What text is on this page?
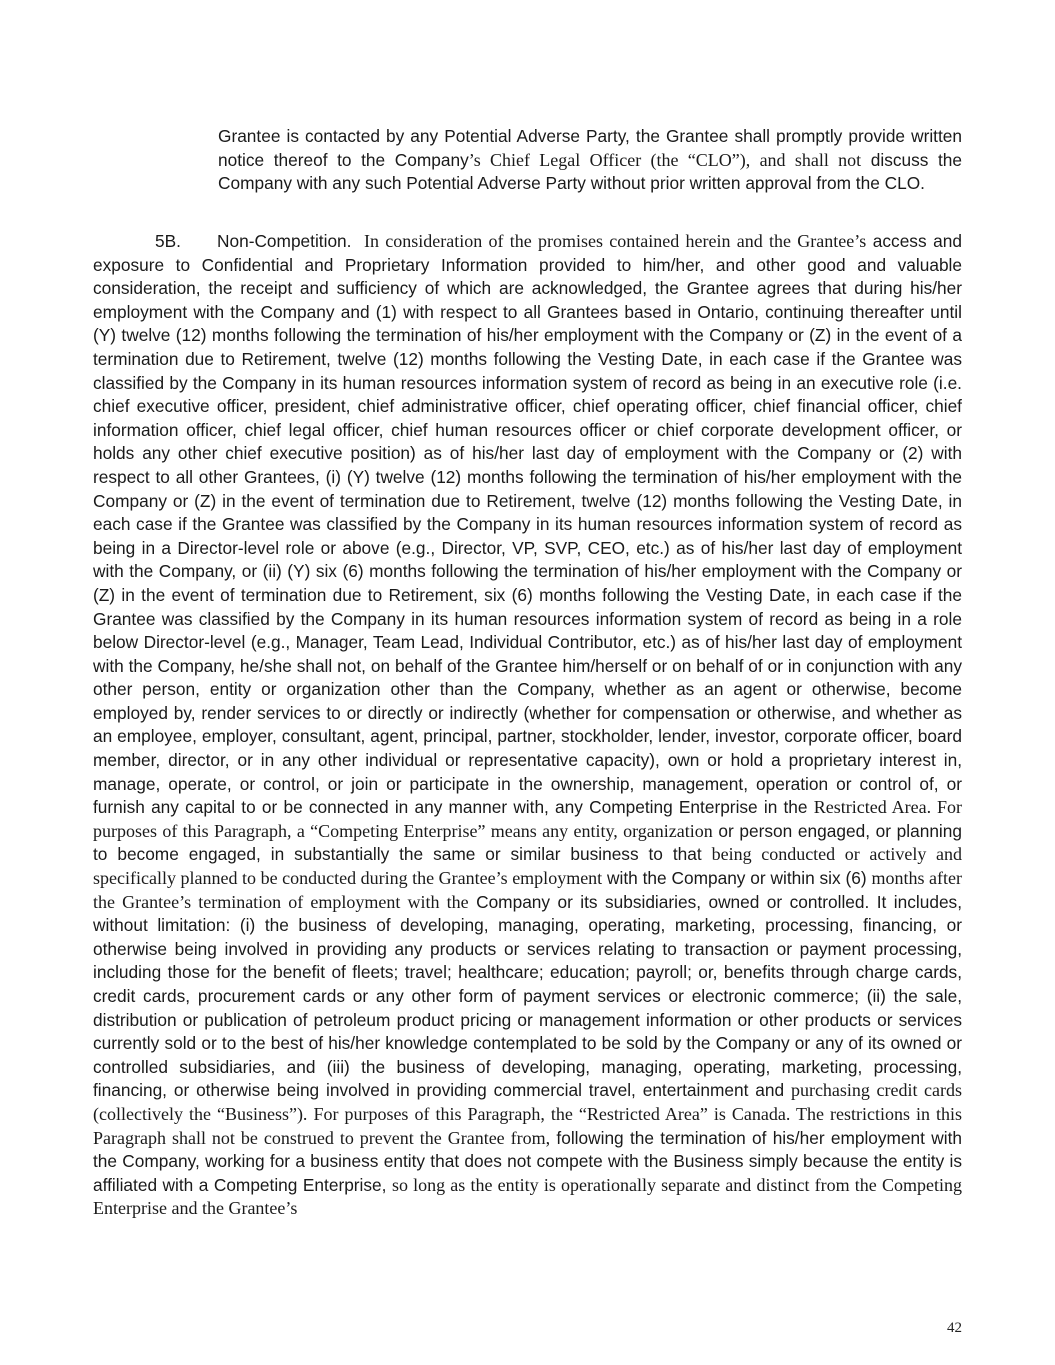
Grantee is contacted by any Potential Adverse Party, the Grantee shall promptly provide written notice thereof to the Company’s Chief Legal Officer (the “CLO”), and shall not discuss the Company with any such Potential Adverse Party without prior written approval from the CLO.
5B. Non-Competition. In consideration of the promises contained herein and the Grantee’s access and exposure to Confidential and Proprietary Information provided to him/her, and other good and valuable consideration, the receipt and sufficiency of which are acknowledged, the Grantee agrees that during his/her employment with the Company and (1) with respect to all Grantees based in Ontario, continuing thereafter until (Y) twelve (12) months following the termination of his/her employment with the Company or (Z) in the event of a termination due to Retirement, twelve (12) months following the Vesting Date, in each case if the Grantee was classified by the Company in its human resources information system of record as being in an executive role (i.e. chief executive officer, president, chief administrative officer, chief operating officer, chief financial officer, chief information officer, chief legal officer, chief human resources officer or chief corporate development officer, or holds any other chief executive position) as of his/her last day of employment with the Company or (2) with respect to all other Grantees, (i) (Y) twelve (12) months following the termination of his/her employment with the Company or (Z) in the event of termination due to Retirement, twelve (12) months following the Vesting Date, in each case if the Grantee was classified by the Company in its human resources information system of record as being in a Director-level role or above (e.g., Director, VP, SVP, CEO, etc.) as of his/her last day of employment with the Company, or (ii) (Y) six (6) months following the termination of his/her employment with the Company or (Z) in the event of termination due to Retirement, six (6) months following the Vesting Date, in each case if the Grantee was classified by the Company in its human resources information system of record as being in a role below Director-level (e.g., Manager, Team Lead, Individual Contributor, etc.) as of his/her last day of employment with the Company, he/she shall not, on behalf of the Grantee him/herself or on behalf of or in conjunction with any other person, entity or organization other than the Company, whether as an agent or otherwise, become employed by, render services to or directly or indirectly (whether for compensation or otherwise, and whether as an employee, employer, consultant, agent, principal, partner, stockholder, lender, investor, corporate officer, board member, director, or in any other individual or representative capacity), own or hold a proprietary interest in, manage, operate, or control, or join or participate in the ownership, management, operation or control of, or furnish any capital to or be connected in any manner with, any Competing Enterprise in the Restricted Area. For purposes of this Paragraph, a “Competing Enterprise” means any entity, organization or person engaged, or planning to become engaged, in substantially the same or similar business to that being conducted or actively and specifically planned to be conducted during the Grantee’s employment with the Company or within six (6) months after the Grantee’s termination of employment with the Company or its subsidiaries, owned or controlled. It includes, without limitation: (i) the business of developing, managing, operating, marketing, processing, financing, or otherwise being involved in providing any products or services relating to transaction or payment processing, including those for the benefit of fleets; travel; healthcare; education; payroll; or, benefits through charge cards, credit cards, procurement cards or any other form of payment services or electronic commerce; (ii) the sale, distribution or publication of petroleum product pricing or management information or other products or services currently sold or to the best of his/her knowledge contemplated to be sold by the Company or any of its owned or controlled subsidiaries, and (iii) the business of developing, managing, operating, marketing, processing, financing, or otherwise being involved in providing commercial travel, entertainment and purchasing credit cards (collectively the “Business”). For purposes of this Paragraph, the “Restricted Area” is Canada. The restrictions in this Paragraph shall not be construed to prevent the Grantee from, following the termination of his/her employment with the Company, working for a business entity that does not compete with the Business simply because the entity is affiliated with a Competing Enterprise, so long as the entity is operationally separate and distinct from the Competing Enterprise and the Grantee’s
42
